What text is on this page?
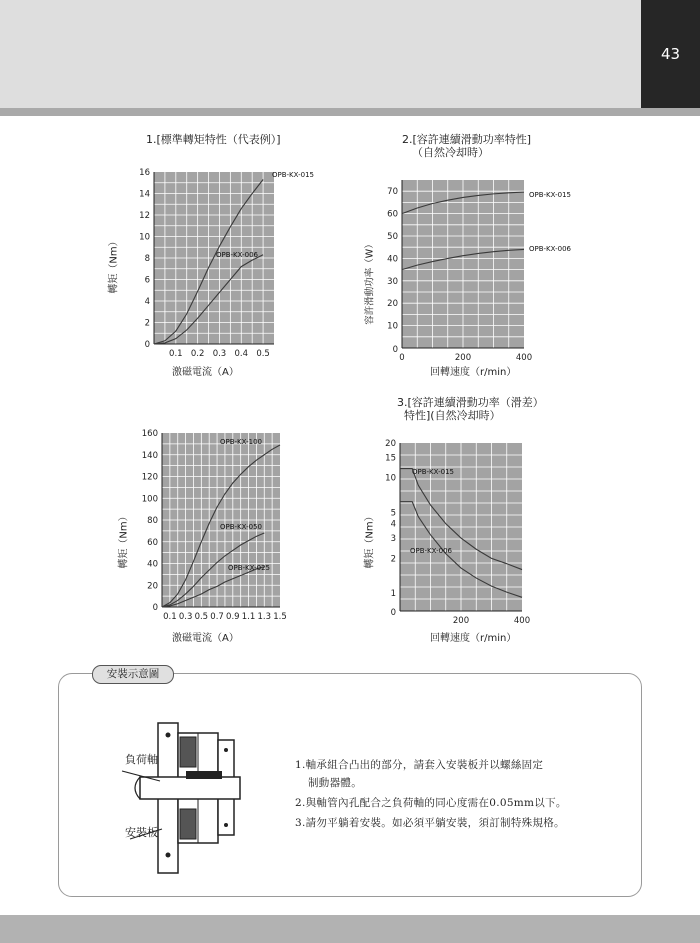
43
1.[標準轉矩特性（代表例）]
0
2
4
6
8
10
12
14
16
0.1 0.2 0.3 0.4 0.5
OPB-KX-015
OPB-KX-006
激磁電流（A）
轉矩（Nm）
2.[容許連續滑動功率特性]
（自然冷却時）
10
20
30
40
50
60
70
0
0	200	400
OPB-KX-015
OPB-KX-006
回轉速度（r/min）
容許滑動功率（W）
0
20
40
60
80
100
120
140
160
0.1 0.3 0.5 0.7 0.9 1.1 1.3 1.5
OPB-KX-100
OPB-KX-050
OPB-KX-025
激磁電流（A）
轉矩（Nm）
3.[容許連續滑動功率（滑差）
特性](自然冷却時）
1
2
3
4
5
10
15
20
0
200	400
OPB-KX-015
OPB-KX-006
回轉速度（r/min）
轉矩（Nm）
安裝示意圖
負荷軸
安裝板
1.軸承組合凸出的部分，請套入安裝板并以螺絲固定
制動器體。
2.與軸管內孔配合之負荷軸的同心度需在0.05mm以下。
3.請勿平躺着安裝。如必須平躺安裝，須訂制特殊規格。
